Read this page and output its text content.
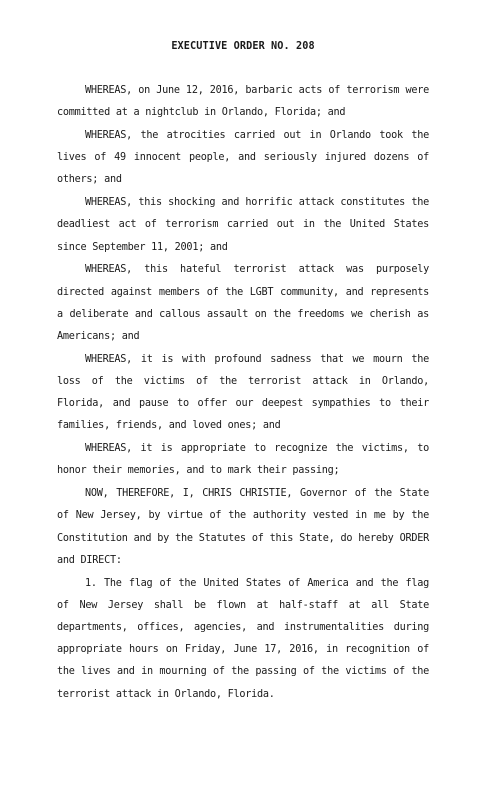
EXECUTIVE ORDER NO. 208

WHEREAS, on June 12, 2016, barbaric acts of terrorism were committed at a nightclub in Orlando, Florida; and

WHEREAS, the atrocities carried out in Orlando took the lives of 49 innocent people, and seriously injured dozens of others; and

WHEREAS, this shocking and horrific attack constitutes the deadliest act of terrorism carried out in the United States since September 11, 2001; and

WHEREAS, this hateful terrorist attack was purposely directed against members of the LGBT community, and represents a deliberate and callous assault on the freedoms we cherish as Americans; and

WHEREAS, it is with profound sadness that we mourn the loss of the victims of the terrorist attack in Orlando, Florida, and pause to offer our deepest sympathies to their families, friends, and loved ones; and

WHEREAS, it is appropriate to recognize the victims, to honor their memories, and to mark their passing;

NOW, THEREFORE, I, CHRIS CHRISTIE, Governor of the State of New Jersey, by virtue of the authority vested in me by the Constitution and by the Statutes of this State, do hereby ORDER and DIRECT:

1. The flag of the United States of America and the flag of New Jersey shall be flown at half-staff at all State departments, offices, agencies, and instrumentalities during appropriate hours on Friday, June 17, 2016, in recognition of the lives and in mourning of the passing of the victims of the terrorist attack in Orlando, Florida.
